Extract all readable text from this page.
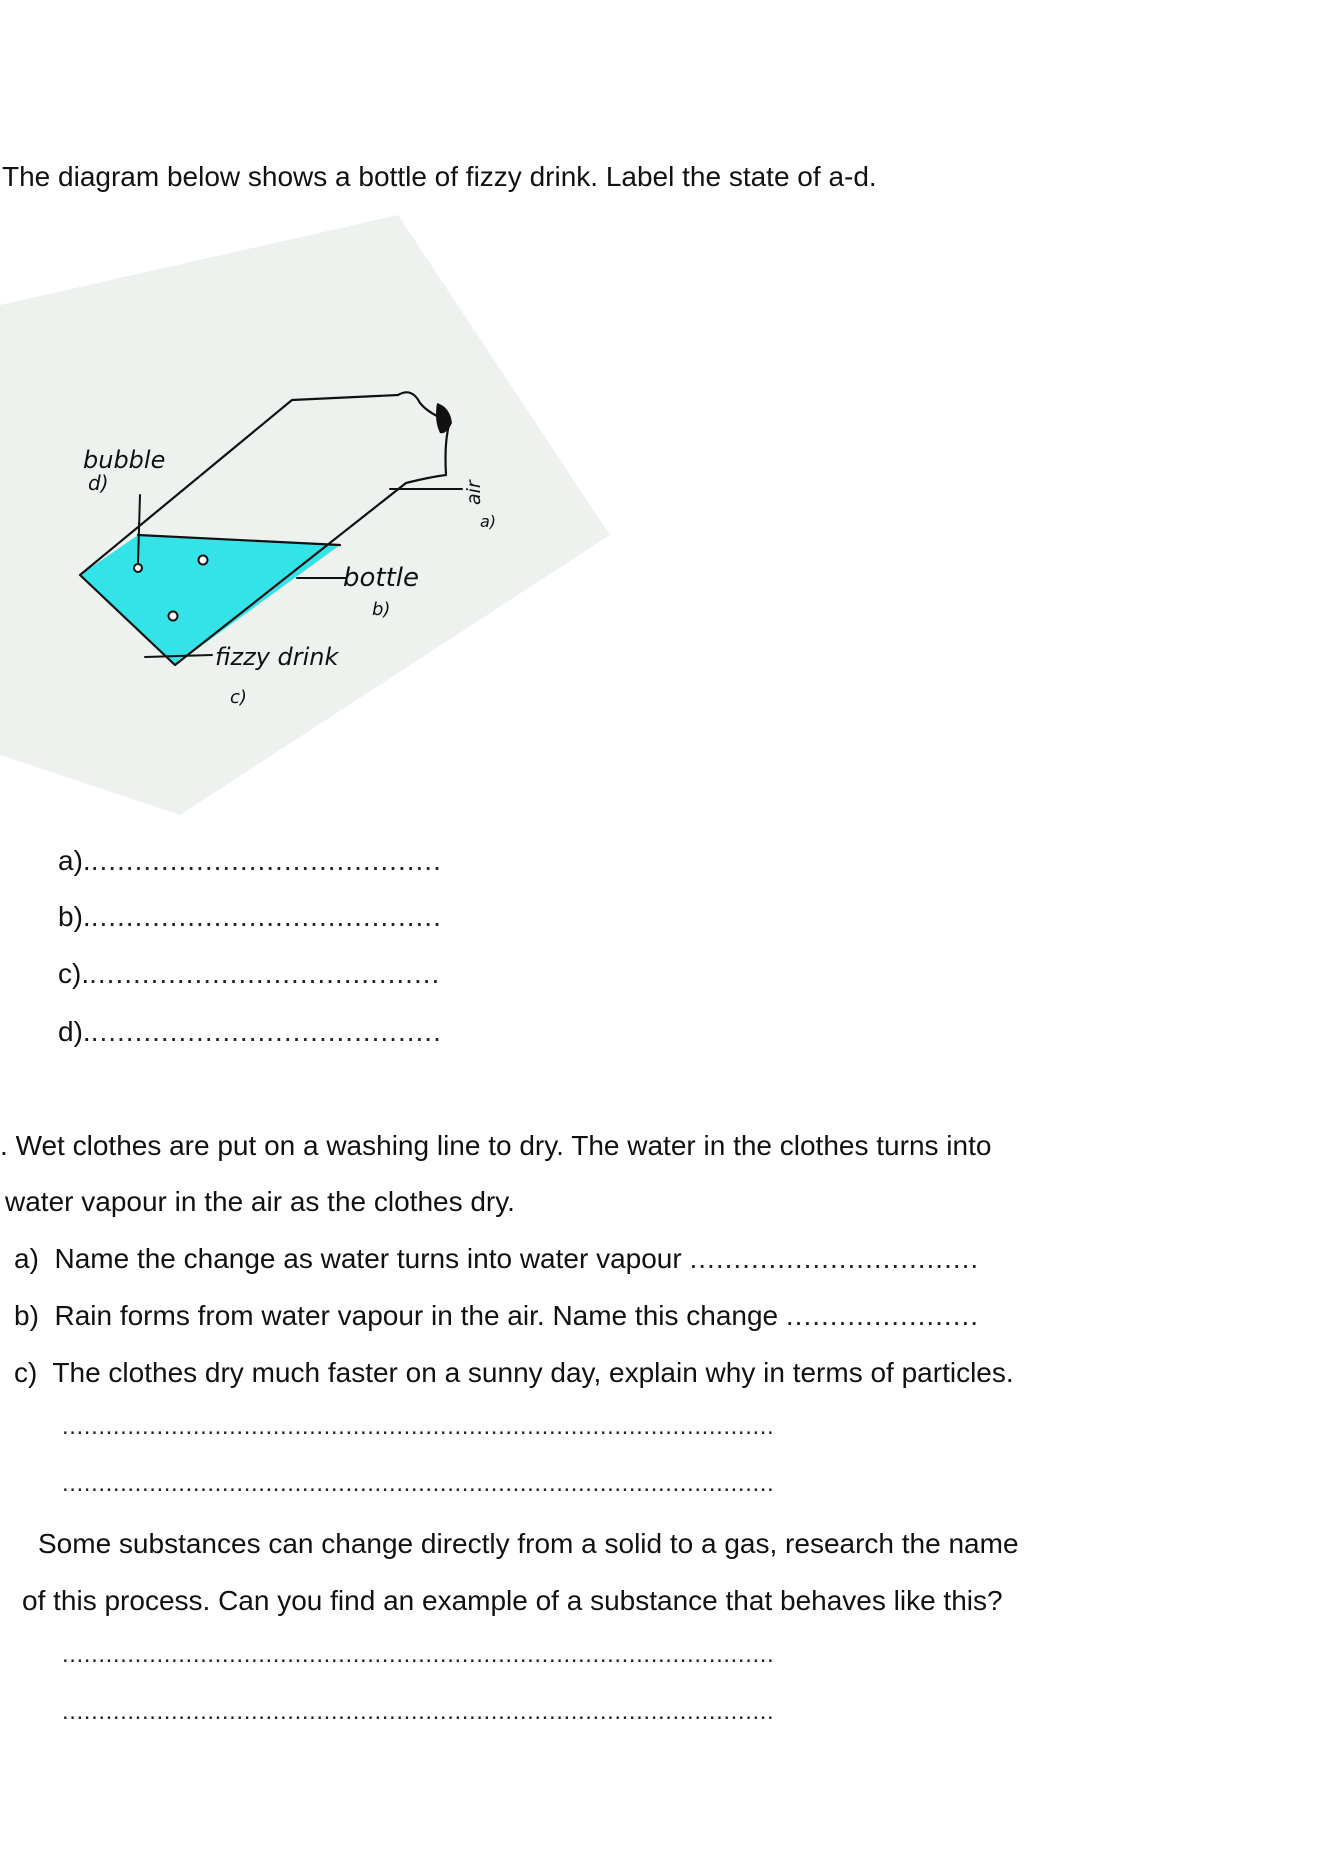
The diagram below shows a bottle of fizzy drink. Label the state of a-d.
bubble
d)	air
a)
bottle
b)
fizzy drink
c)
a).........................................
b).........................................
c).........................................
d).........................................
. Wet clothes are put on a washing line to dry. The water in the clothes turns into
water vapour in the air as the clothes dry.
a) Name the change as water turns into water vapour .................................
b) Rain forms from water vapour in the air. Name this change ......................
c) The clothes dry much faster on a sunny day, explain why in terms of particles.
..................................................................................................
..................................................................................................
Some substances can change directly from a solid to a gas, research the name
of this process. Can you find an example of a substance that behaves like this?
..................................................................................................
..................................................................................................
